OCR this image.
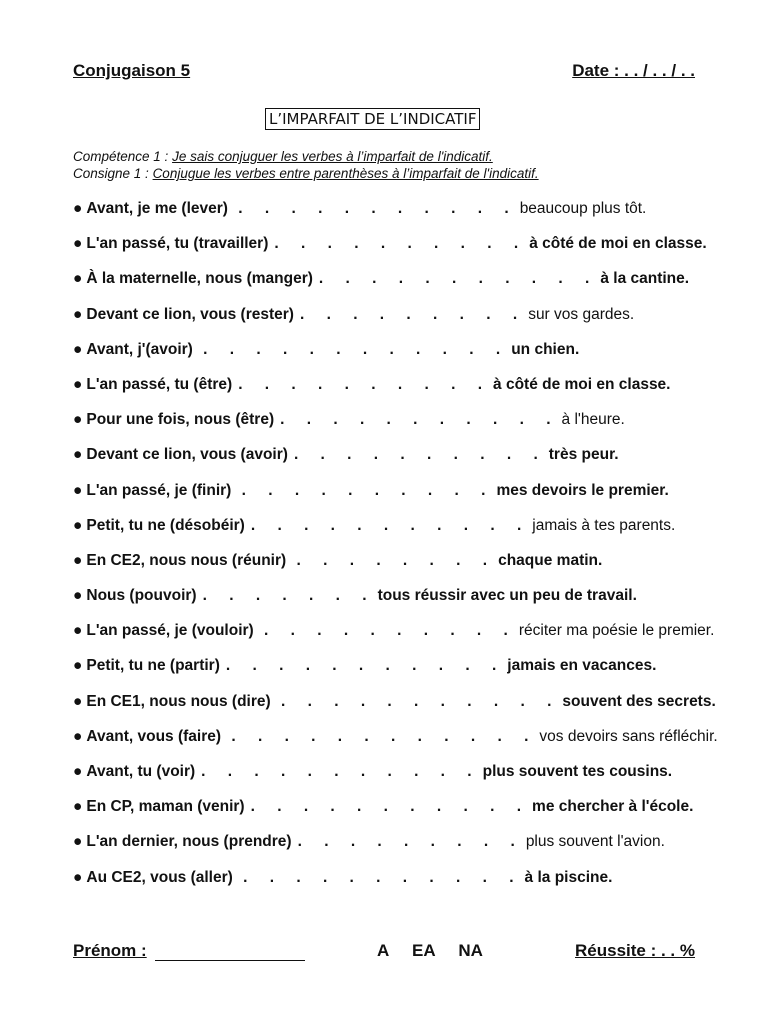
Conjugaison 5	Date : . . / . . / . .
L’IMPARFAIT DE L’INDICATIF
Compétence 1 : Je sais conjuguer les verbes à l’imparfait de l'indicatif.
Consigne 1 : Conjugue les verbes entre parenthèses à l’imparfait de l'indicatif.
● Avant, je me (lever) . . . . . . . . . . . beaucoup plus tôt.
● L'an passé, tu (travailler) . . . . . . . . . . à côté de moi en classe.
● À la maternelle, nous (manger) . . . . . . . . . . . à la cantine.
● Devant ce lion, vous (rester) . . . . . . . . . sur vos gardes.
● Avant, j'(avoir) . . . . . . . . . . . . un chien.
● L'an passé, tu (être) . . . . . . . . . . à côté de moi en classe.
● Pour une fois, nous (être) . . . . . . . . . . . à l'heure.
● Devant ce lion, vous (avoir) . . . . . . . . . . très peur.
● L'an passé, je (finir) . . . . . . . . . . mes devoirs le premier.
● Petit, tu ne (désobéir) . . . . . . . . . . . jamais à tes parents.
● En CE2, nous nous (réunir) . . . . . . . . chaque matin.
● Nous (pouvoir) . . . . . . . tous réussir avec un peu de travail.
● L'an passé, je (vouloir) . . . . . . . . . . réciter ma poésie le premier.
● Petit, tu ne (partir) . . . . . . . . . . . jamais en vacances.
● En CE1, nous nous (dire) . . . . . . . . . . . souvent des secrets.
● Avant, vous (faire) . . . . . . . . . . . . vos devoirs sans réfléchir.
● Avant, tu (voir) . . . . . . . . . . . plus souvent tes cousins.
● En CP, maman (venir) . . . . . . . . . . . me chercher à l'école.
● L'an dernier, nous (prendre) . . . . . . . . . plus souvent l'avion.
● Au CE2, vous (aller) . . . . . . . . . . . à la piscine.
Prénom :	A EA NA	Réussite : . . %
